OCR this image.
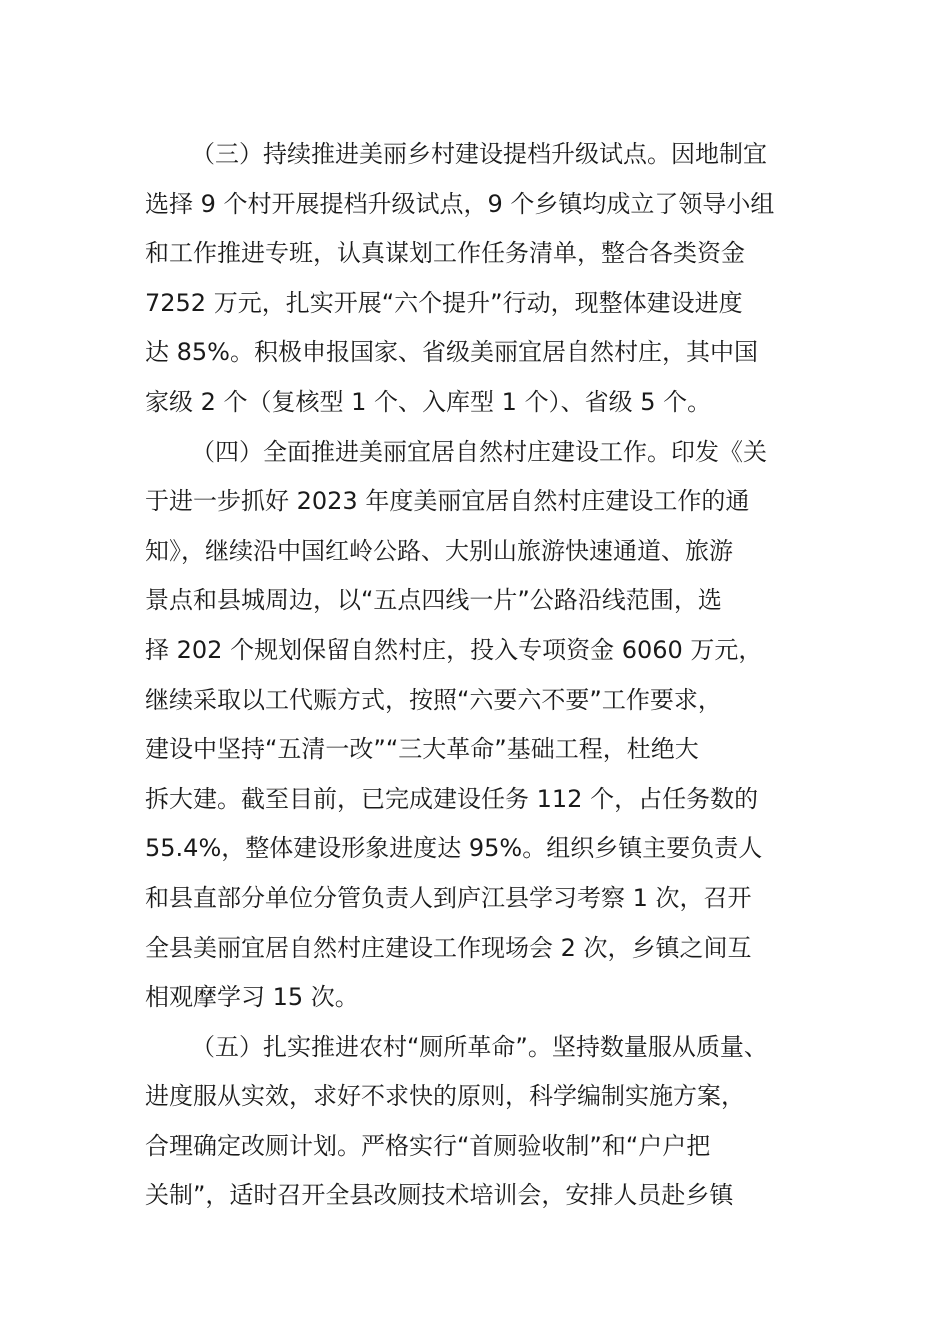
（三）持续推进美丽乡村建设提档升级试点。因地制宜
选择 9 个村开展提档升级试点，9 个乡镇均成立了领导小组
和工作推进专班，认真谋划工作任务清单，整合各类资金
7252 万元，扎实开展“六个提升”行动，现整体建设进度
达 85%。积极申报国家、省级美丽宜居自然村庄，其中国
家级 2 个（复核型 1 个、入库型 1 个）、省级 5 个。
（四）全面推进美丽宜居自然村庄建设工作。印发《关
于进一步抓好 2023 年度美丽宜居自然村庄建设工作的通
知》，继续沿中国红岭公路、大别山旅游快速通道、旅游
景点和县城周边，以“五点四线一片”公路沿线范围，选
择 202 个规划保留自然村庄，投入专项资金 6060 万元，
继续采取以工代赈方式，按照“六要六不要”工作要求，
建设中坚持“五清一改”“三大革命”基础工程，杜绝大
拆大建。截至目前，已完成建设任务 112 个，占任务数的
55.4%，整体建设形象进度达 95%。组织乡镇主要负责人
和县直部分单位分管负责人到庐江县学习考察 1 次，召开
全县美丽宜居自然村庄建设工作现场会 2 次，乡镇之间互
相观摩学习 15 次。
（五）扎实推进农村“厕所革命”。坚持数量服从质量、
进度服从实效，求好不求快的原则，科学编制实施方案，
合理确定改厕计划。严格实行“首厕验收制”和“户户把
关制”，适时召开全县改厕技术培训会，安排人员赴乡镇
